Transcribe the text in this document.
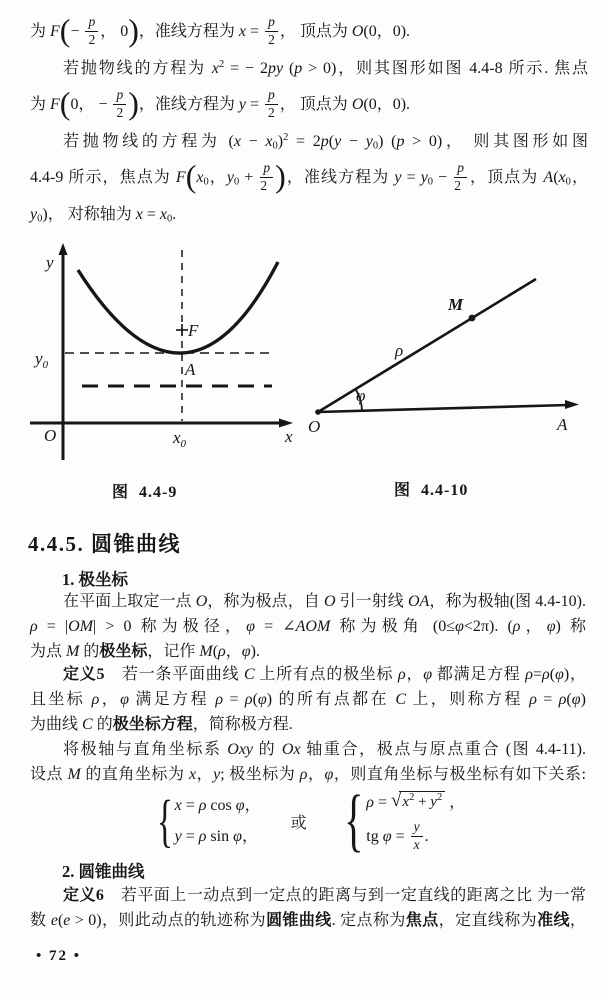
为 $F(- \frac{p}{2}$ ， 0)，准线方程为 $x = \frac{p}{2}$ ， 顶点为 O(0，0).
若抛物线的方程为 $x^2$ = − 2py (p > 0)，则其图形如图 4.4-8 所示. 焦点
为 F(0， − $\frac{p}{2}$ )，准线方程为 $y = \frac{p}{2}$ ， 顶点为 O(0，0).
若抛物线的方程为 $(x - x_0)^2 = 2p(y - y_0)$ (p > 0)， 则其图形如图
4.4-9 所示，焦点为 $F(x_0$，$y_0 + \frac{p}{2}$ )，准线方程为 $y = y_0 - \frac{p}{2}$ ，顶点为 $A(x_0$，
$y_0$)， 对称轴为 $x = x_0$.
y
O	x
F
A
$y_0$
$x_0$
O	A
M
ρ
φ
图  4.4-9	图  4.4-10
4.4.5. 圆锥曲线
1. 极坐标
在平面上取定一点 O，称为极点，自 O 引一射线 OA，称为极轴(图 4.4-10).
ρ = |OM| > 0 称为极径，φ = ∠AOM 称为极角 (0≤φ<2π). (ρ，φ) 称
为点 M 的极坐标，记作 M(ρ，φ).
定义5　若一条平面曲线 C 上所有点的极坐标 ρ，φ 都满足方程 ρ=ρ(φ)，
且坐标 ρ，φ 满足方程 ρ = ρ(φ) 的所有点都在 C 上，则称方程 ρ = ρ(φ)
为曲线 C 的极坐标方程，简称极方程.
将极轴与直角坐标系 Oxy 的 Ox 轴重合，极点与原点重合 (图 4.4-11).
设点 M 的直角坐标为 x，y; 极坐标为 ρ，φ，则直角坐标与极坐标有如下关系:
{ x = ρ cos φ，
y = ρ sin φ，
或 { ρ = √ $x^2 + y^2$ ，
tg $\varphi = \frac{y}{x}$ .
2. 圆锥曲线
定义6　若平面上一动点到一定点的距离与到一定直线的距离之比 为一常
数 e(e > 0)，则此动点的轨迹称为圆锥曲线. 定点称为焦点，定直线称为准线，
• 72 •
